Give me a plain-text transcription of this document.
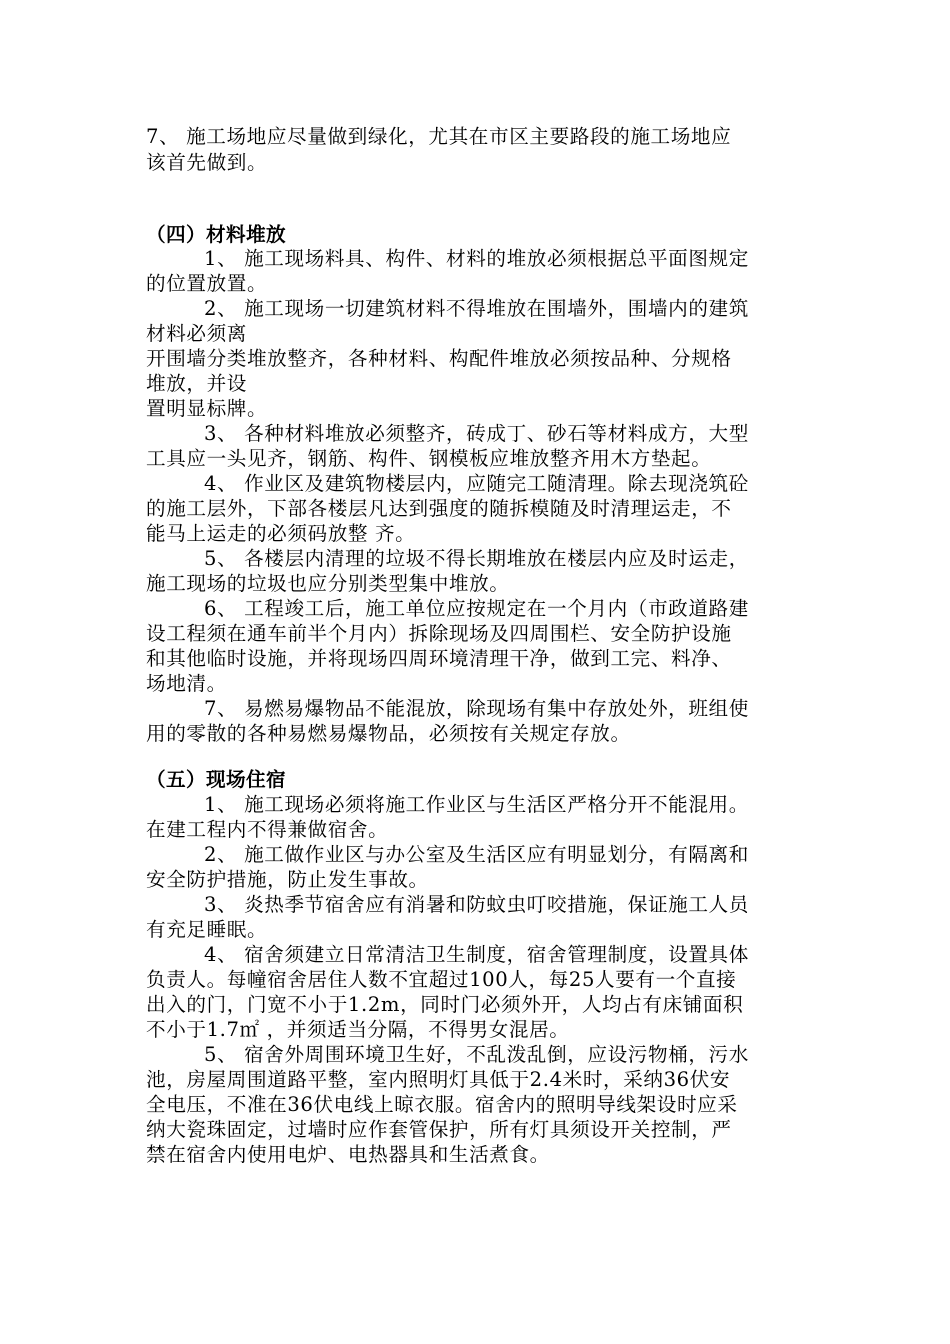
7、 施工场地应尽量做到绿化，尤其在市区主要路段的施工场地应
该首先做到。
（四）材料堆放
1、 施工现场料具、构件、材料的堆放必须根据总平面图规定
的位置放置。
2、 施工现场一切建筑材料不得堆放在围墙外，围墙内的建筑
材料必须离
开围墙分类堆放整齐，各种材料、构配件堆放必须按品种、分规格
堆放，并设
置明显标牌。
3、 各种材料堆放必须整齐，砖成丁、砂石等材料成方，大型
工具应一头见齐，钢筋、构件、钢模板应堆放整齐用木方垫起。
4、 作业区及建筑物楼层内，应随完工随清理。除去现浇筑砼
的施工层外，下部各楼层凡达到强度的随拆模随及时清理运走，不
能马上运走的必须码放整 齐。
5、 各楼层内清理的垃圾不得长期堆放在楼层内应及时运走，
施工现场的垃圾也应分别类型集中堆放。
6、 工程竣工后，施工单位应按规定在一个月内（市政道路建
设工程须在通车前半个月内）拆除现场及四周围栏、安全防护设施
和其他临时设施，并将现场四周环境清理干净，做到工完、料净、
场地清。
7、 易燃易爆物品不能混放，除现场有集中存放处外，班组使
用的零散的各种易燃易爆物品，必须按有关规定存放。
（五）现场住宿
1、 施工现场必须将施工作业区与生活区严格分开不能混用。
在建工程内不得兼做宿舍。
2、 施工做作业区与办公室及生活区应有明显划分，有隔离和
安全防护措施，防止发生事故。
3、 炎热季节宿舍应有消暑和防蚊虫叮咬措施，保证施工人员
有充足睡眠。
4、 宿舍须建立日常清洁卫生制度，宿舍管理制度，设置具体
负责人。每幢宿舍居住人数不宜超过100人，每25人要有一个直接
出入的门，门宽不小于1.2m，同时门必须外开，人均占有床铺面积
不小于1.7㎡ ，并须适当分隔，不得男女混居。
5、 宿舍外周围环境卫生好，不乱泼乱倒，应设污物桶，污水
池，房屋周围道路平整，室内照明灯具低于2.4米时，采纳36伏安
全电压，不准在36伏电线上晾衣服。宿舍内的照明导线架设时应采
纳大瓷珠固定，过墙时应作套管保护，所有灯具须设开关控制，严
禁在宿舍内使用电炉、电热器具和生活煮食。
